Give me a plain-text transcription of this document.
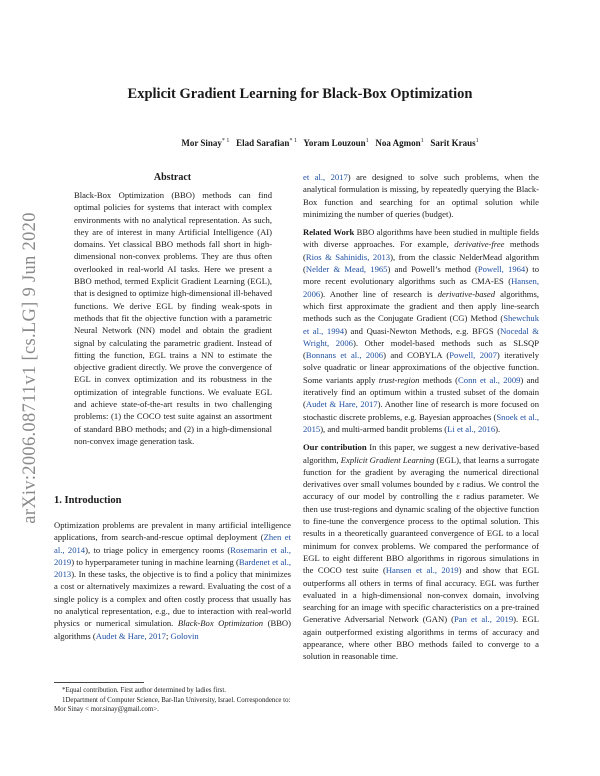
arXiv:2006.08711v1 [cs.LG] 9 Jun 2020
Explicit Gradient Learning for Black-Box Optimization
Mor Sinay$^{* 1}$ Elad Sarafian$^{* 1}$ Yoram Louzoun$^1$ Noa Agmon$^1$ Sarit Kraus$^1$
Abstract
Black-Box Optimization (BBO) methods can find optimal policies for systems that interact with complex environments with no analytical representation. As such, they are of interest in many Artificial Intelligence (AI) domains. Yet classical BBO methods fall short in high-dimensional non-convex problems. They are thus often overlooked in real-world AI tasks. Here we present a BBO method, termed Explicit Gradient Learning (EGL), that is designed to optimize high-dimensional ill-behaved functions. We derive EGL by finding weak-spots in methods that fit the objective function with a parametric Neural Network (NN) model and obtain the gradient signal by calculating the parametric gradient. Instead of fitting the function, EGL trains a NN to estimate the objective gradient directly. We prove the convergence of EGL in convex optimization and its robustness in the optimization of integrable functions. We evaluate EGL and achieve state-of-the-art results in two challenging problems: (1) the COCO test suite against an assortment of standard BBO methods; and (2) in a high-dimensional non-convex image generation task.
1. Introduction
Optimization problems are prevalent in many artificial intelligence applications, from search-and-rescue optimal deployment (Zhen et al., 2014), to triage policy in emergency rooms (Rosemarin et al., 2019) to hyperparameter tuning in machine learning (Bardenet et al., 2013). In these tasks, the objective is to find a policy that minimizes a cost or alternatively maximizes a reward. Evaluating the cost of a single policy is a complex and often costly process that usually has no analytical representation, e.g., due to interaction with real-world physics or numerical simulation. Black-Box Optimization (BBO) algorithms (Audet & Hare, 2017; Golovin

*Equal contribution. First author determined by ladies first.

1Department of Computer Science, Bar-Ilan University, Israel. Correspondence to: Mor Sinay < mor.sinay@gmail.com>.

et al., 2017) are designed to solve such problems, when the analytical formulation is missing, by repeatedly querying the Black-Box function and searching for an optimal solution while minimizing the number of queries (budget).

Related Work BBO algorithms have been studied in multiple fields with diverse approaches. For example, derivative-free methods (Rios & Sahinidis, 2013), from the classic NelderMead algorithm (Nelder & Mead, 1965) and Powell’s method (Powell, 1964) to more recent evolutionary algorithms such as CMA-ES (Hansen, 2006). Another line of research is derivative-based algorithms, which first approximate the gradient and then apply line-search methods such as the Conjugate Gradient (CG) Method (Shewchuk et al., 1994) and Quasi-Newton Methods, e.g. BFGS (Nocedal & Wright, 2006). Other model-based methods such as SLSQP (Bonnans et al., 2006) and COBYLA (Powell, 2007) iteratively solve quadratic or linear approximations of the objective function. Some variants apply trust-region methods (Conn et al., 2009) and iteratively find an optimum within a trusted subset of the domain (Audet & Hare, 2017). Another line of research is more focused on stochastic discrete problems, e.g. Bayesian approaches (Snoek et al., 2015), and multi-armed bandit problems (Li et al., 2016).

Our contribution In this paper, we suggest a new derivative-based algorithm, Explicit Gradient Learning (EGL), that learns a surrogate function for the gradient by averaging the numerical directional derivatives over small volumes bounded by ε radius. We control the accuracy of our model by controlling the ε radius parameter. We then use trust-regions and dynamic scaling of the objective function to fine-tune the convergence process to the optimal solution. This results in a theoretically guaranteed convergence of EGL to a local minimum for convex problems. We compared the performance of EGL to eight different BBO algorithms in rigorous simulations in the COCO test suite (Hansen et al., 2019) and show that EGL outperforms all others in terms of final accuracy. EGL was further evaluated in a high-dimensional non-convex domain, involving searching for an image with specific characteristics on a pre-trained Generative Adversarial Network (GAN) (Pan et al., 2019). EGL again outperformed existing algorithms in terms of accuracy and appearance, where other BBO methods failed to converge to a solution in reasonable time.
